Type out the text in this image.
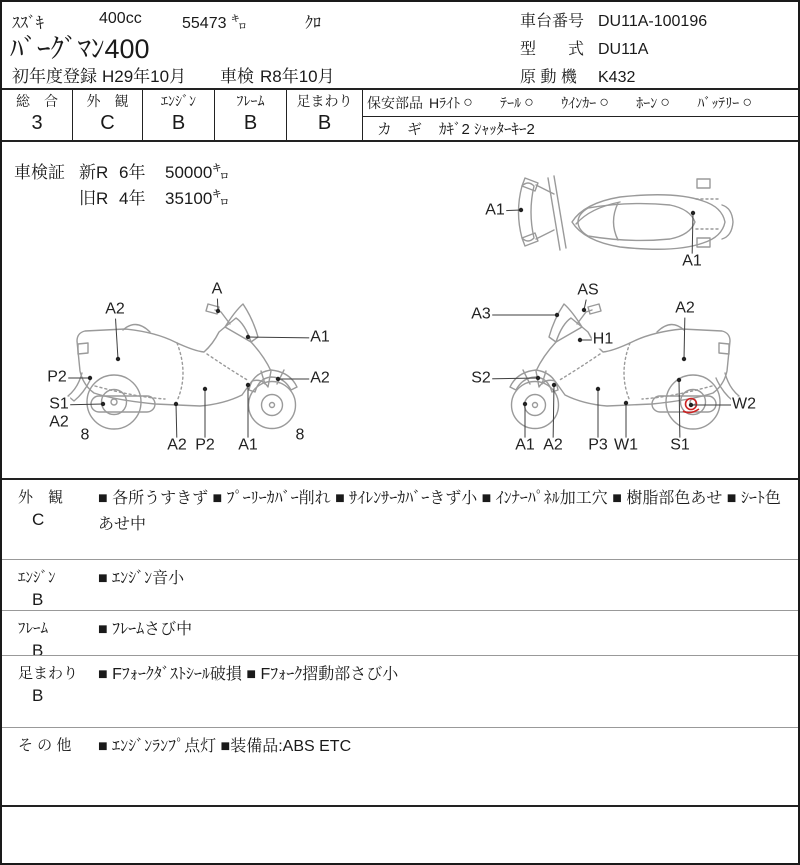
ｽｽﾞｷ	400cc	55473 ㌔	ｸﾛ
ﾊﾞｰｸﾞﾏﾝ400
初年度登録 H29年10月 車検 R8年10月
車台番号 DU11A-100196
型　　式 DU11A
原 動 機	K432
総　合
3
外　観
C
ｴﾝｼﾞﾝ
B
ﾌﾚｰﾑ
B
足まわり
B
保安部品 Hﾗｲﾄ ○ ﾃｰﾙ ○ ｳｲﾝｶｰ ○ ﾎｰﾝ ○ ﾊﾞｯﾃﾘｰ ○
カ　ギ	ｶｷﾞ2 ｼｬｯﾀｰｷｰ2
車検証 新R 6年	50000㌔
旧R 4年	35100㌔
A1
A1
A2
A
A1
P2
S1
A2
8
A2 P2 A1
A2
8
AS
A3	A2
H1
S2
W2
A1 A2 P3 W1 S1
外　観
C
■ 各所うすきず ■ ﾌﾟｰﾘｰｶﾊﾞｰ削れ ■ ｻｲﾚﾝｻｰｶﾊﾞｰきず小 ■ ｲﾝﾅｰﾊﾟﾈﾙ加工穴 ■ 樹脂部色あせ ■ ｼｰﾄ色あせ中
ｴﾝｼﾞﾝ
B
■ ｴﾝｼﾞﾝ音小
ﾌﾚｰﾑ
B
■ ﾌﾚｰﾑさび中
足まわり
B
■ Fﾌｫｰｸﾀﾞｽﾄｼｰﾙ破損 ■ Fﾌｫｰｸ摺動部さび小
そ の 他	■ ｴﾝｼﾞﾝﾗﾝﾌﾟ点灯 ■装備品:ABS ETC
